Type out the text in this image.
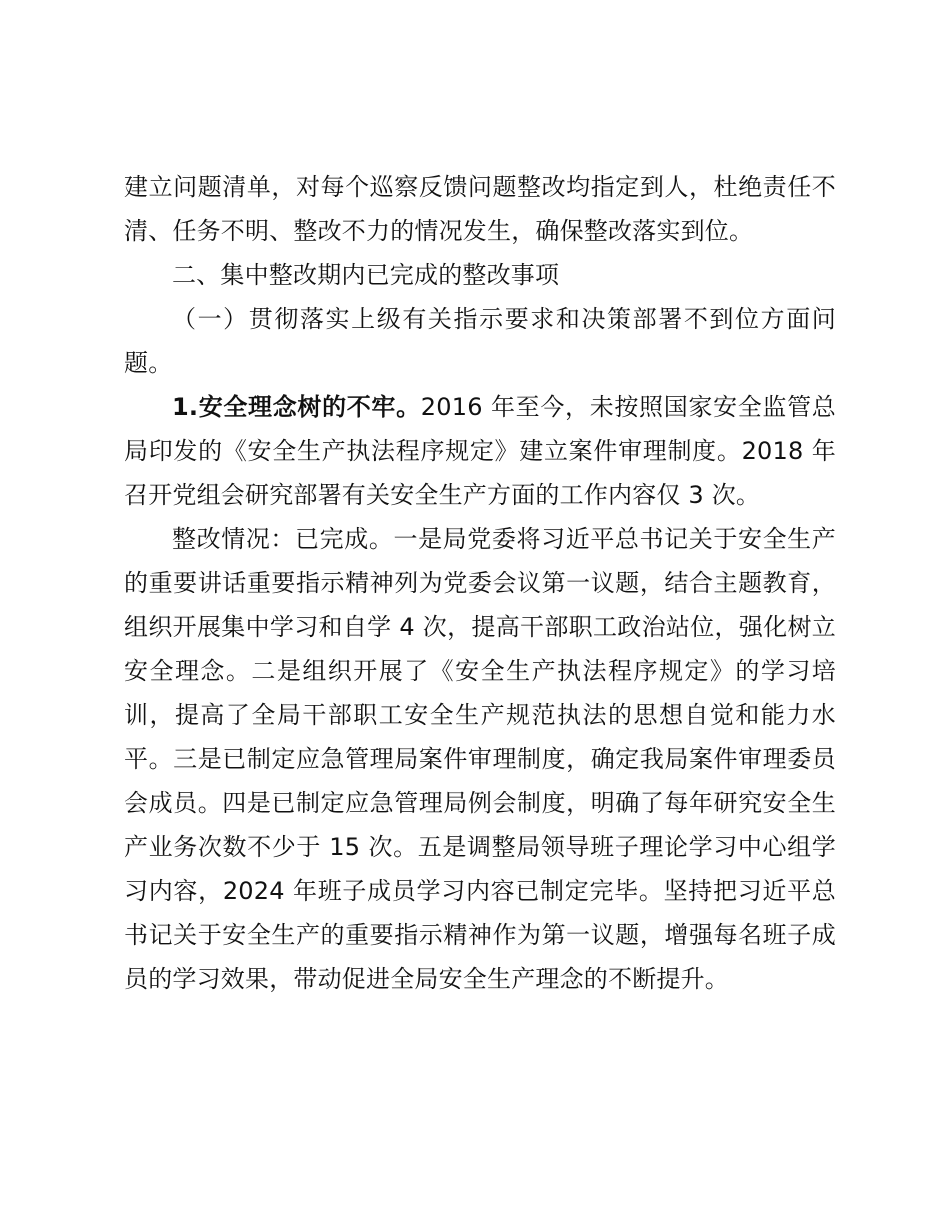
建立问题清单，对每个巡察反馈问题整改均指定到人，杜绝责任不清、任务不明、整改不力的情况发生，确保整改落实到位。

二、集中整改期内已完成的整改事项

（一）贯彻落实上级有关指示要求和决策部署不到位方面问题。

1.安全理念树的不牢。2016 年至今，未按照国家安全监管总局印发的《安全生产执法程序规定》建立案件审理制度。2018 年召开党组会研究部署有关安全生产方面的工作内容仅 3 次。

整改情况：已完成。一是局党委将习近平总书记关于安全生产的重要讲话重要指示精神列为党委会议第一议题，结合主题教育，组织开展集中学习和自学 4 次，提高干部职工政治站位，强化树立安全理念。二是组织开展了《安全生产执法程序规定》的学习培训，提高了全局干部职工安全生产规范执法的思想自觉和能力水平。三是已制定应急管理局案件审理制度，确定我局案件审理委员会成员。四是已制定应急管理局例会制度，明确了每年研究安全生产业务次数不少于 15 次。五是调整局领导班子理论学习中心组学习内容，2024 年班子成员学习内容已制定完毕。坚持把习近平总书记关于安全生产的重要指示精神作为第一议题，增强每名班子成员的学习效果，带动促进全局安全生产理念的不断提升。
